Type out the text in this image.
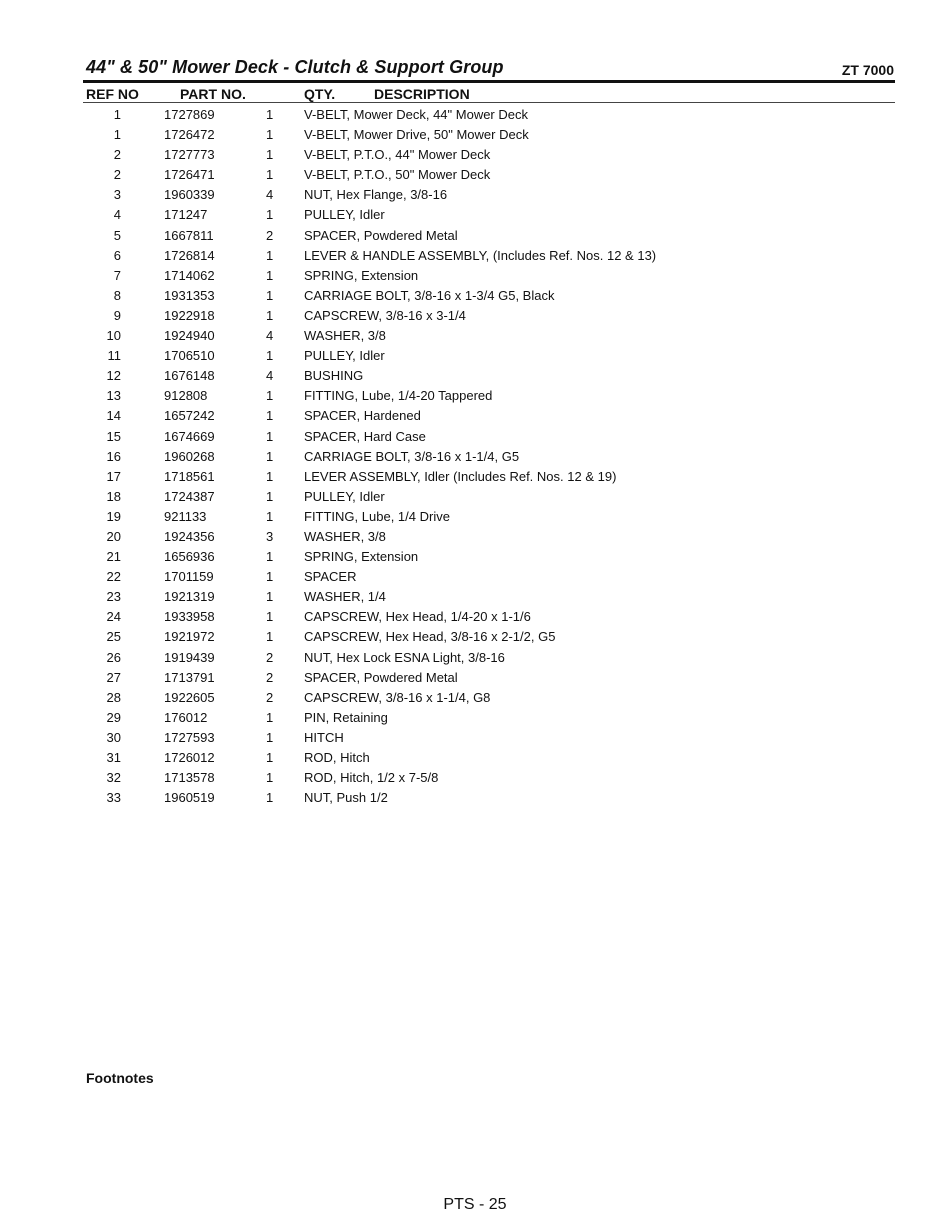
44" & 50" Mower Deck - Clutch & Support Group	ZT 7000
REF NO	PART NO.	QTY.	DESCRIPTION
1	1727869	1 V-BELT, Mower Deck, 44" Mower Deck
1	1726472	1 V-BELT, Mower Drive, 50" Mower Deck
2	1727773	1 V-BELT, P.T.O., 44" Mower Deck
2	1726471	1 V-BELT, P.T.O., 50" Mower Deck
3	1960339	4 NUT, Hex Flange, 3/8-16
4	171247	1 PULLEY, Idler
5	1667811	2 SPACER, Powdered Metal
6	1726814	1 LEVER & HANDLE ASSEMBLY, (Includes Ref. Nos. 12 & 13)
7	1714062	1 SPRING, Extension
8	1931353	1 CARRIAGE BOLT, 3/8-16 x 1-3/4 G5, Black
9	1922918	1 CAPSCREW, 3/8-16 x 3-1/4
10	1924940	4 WASHER, 3/8
11	1706510	1 PULLEY, Idler
12	1676148	4 BUSHING
13	912808	1 FITTING, Lube, 1/4-20 Tappered
14	1657242	1 SPACER, Hardened
15	1674669	1 SPACER, Hard Case
16	1960268	1 CARRIAGE BOLT, 3/8-16 x 1-1/4, G5
17	1718561	1 LEVER ASSEMBLY, Idler (Includes Ref. Nos. 12 & 19)
18	1724387	1 PULLEY, Idler
19	921133	1 FITTING, Lube, 1/4 Drive
20	1924356	3 WASHER, 3/8
21	1656936	1 SPRING, Extension
22	1701159	1 SPACER
23	1921319	1 WASHER, 1/4
24	1933958	1 CAPSCREW, Hex Head, 1/4-20 x 1-1/6
25	1921972	1 CAPSCREW, Hex Head, 3/8-16 x 2-1/2, G5
26	1919439	2 NUT, Hex Lock ESNA Light, 3/8-16
27	1713791	2 SPACER, Powdered Metal
28	1922605	2 CAPSCREW, 3/8-16 x 1-1/4, G8
29	176012	1 PIN, Retaining
30	1727593	1 HITCH
31	1726012	1 ROD, Hitch
32	1713578	1 ROD, Hitch, 1/2 x 7-5/8
33	1960519	1 NUT, Push 1/2
Footnotes
PTS - 25
